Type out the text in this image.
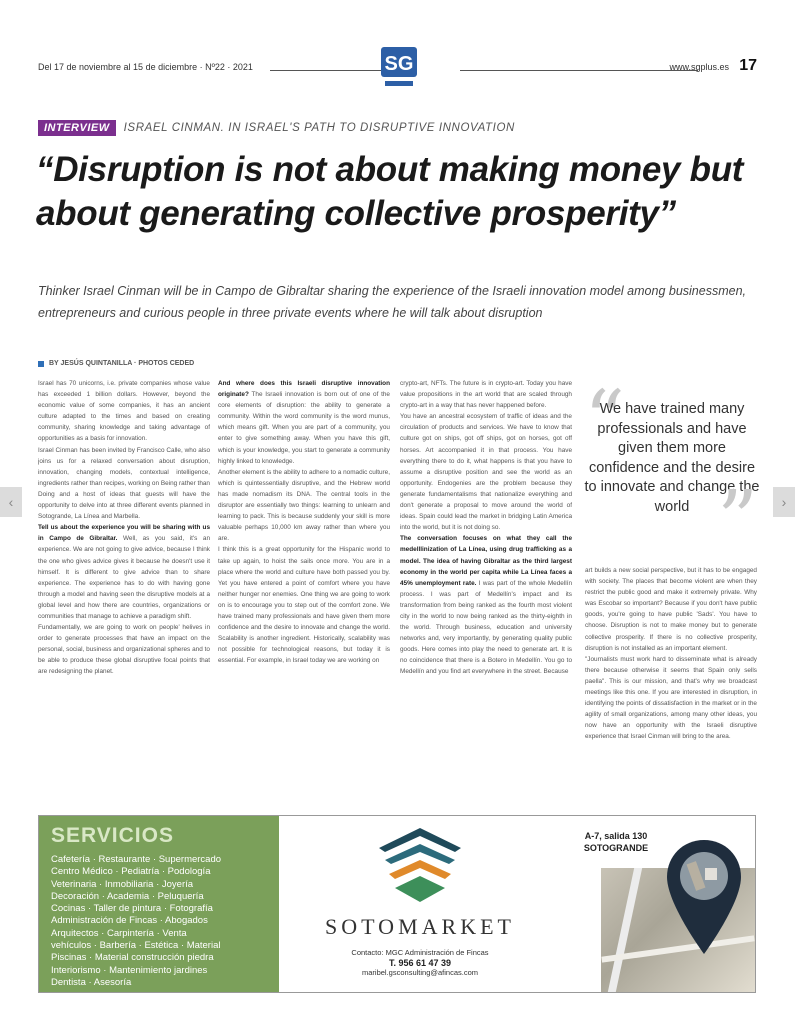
Del 17 de noviembre al 15 de diciembre · Nº22 · 2021	www.sgplus.es 17
SG
INTERVIEW	ISRAEL CINMAN. IN ISRAEL'S PATH TO DISRUPTIVE INNOVATION
“Disruption is not about making money but about generating collective prosperity”

Thinker Israel Cinman will be in Campo de Gibraltar sharing the experience of the Israeli innovation model among businessmen, entrepreneurs and curious people in three private events where he will talk about disruption

BY JESÚS QUINTANILLA · PHOTOS CEDED

Israel has 70 unicorns, i.e. private companies whose value has exceeded 1 billion dollars. However, beyond the economic value of some companies, it has an ancient culture adapted to the times and based on creating community, sharing knowledge and taking advantage of opportunities as a basis for innovation.

Israel Cinman has been invited by Francisco Calle, who also joins us for a relaxed conversation about disruption, innovation, changing models, contextual intelligence, ingredients rather than recipes, working on Being rather than Doing and a host of ideas that guests will have the opportunity to delve into at three different events planned in Sotogrande, La Línea and Marbella.

Tell us about the experience you will be sharing with us in Campo de Gibraltar. Well, as you said, it's an experience. We are not going to give advice, because I think the one who gives advice gives it because he doesn't use it himself. It is different to give advice than to share experience. The experience has to do with having gone through a model and having seen the disruptive models at a global level and how there are countries, organizations or communities that manage to achieve a paradigm shift.

Fundamentally, we are going to work on people' helives in order to generate processes that have an impact on the personal, social, business and organizational spheres and to be able to produce these global disruptive focal points that are redesigning the planet.

And where does this Israeli disruptive innovation originate? The Israeli innovation is born out of one of the core elements of disruption: the ability to generate a community. Within the word community is the word munus, which means gift. When you are part of a community, you enter to give something away. When you have this gift, which is your knowledge, you start to generate a community highly linked to knowledge.

Another element is the ability to adhere to a nomadic culture, which is quintessentially disruptive, and the Hebrew world has made nomadism its DNA. The central tools in the disruptor are essentially two things: learning to unlearn and learning to pack. This is because suddenly your skill is more valuable perhaps 10,000 km away rather than where you are.

I think this is a great opportunity for the Hispanic world to take up again, to hoist the sails once more. You are in a place where the world and culture have both passed you by. Yet you have entered a point of comfort where you have neither hunger nor enemies. One thing we are going to work on is to encourage you to step out of the comfort zone. We have trained many professionals and have given them more confidence and the desire to innovate and change the world. Scalability is another ingredient. Historically, scalability was not possible for technological reasons, but today it is essential. For example, in Israel today we are working on

crypto-art, NFTs. The future is in crypto-art. Today you have value propositions in the art world that are scaled through crypto-art in a way that has never happened before.

You have an ancestral ecosystem of traffic of ideas and the circulation of products and services. We have to know that culture got on ships, got off ships, got on horses, got off horses. Art accompanied it in that process. You have everything there to do it, what happens is that you have to assume a disruptive position and see the world as an opportunity. Endogenies are the problem because they generate fundamentalisms that nationalize everything and don't generate a proposal to move around the world of ideas. Spain could lead the market in bridging Latin America into the world, but it is not doing so.

The conversation focuses on what they call the medelllinization of La Línea, using drug trafficking as a model. The idea of having Gibraltar as the third largest economy in the world per capita while La Línea faces a 45% unemployment rate. I was part of the whole Medellín process. I was part of Medellín's impact and its transformation from being ranked as the fourth most violent city in the world to now being ranked as the thirty-eighth in the world. Through business, education and university networks and, very importantly, by generating quality public goods. Here comes into play the need to generate art. It is no coincidence that there is a Botero in Medellín. You go to Medellín and you find art everywhere in the street. Because

“

We have trained many professionals and have given them more confidence and the desire to innovate and change the world ”

art builds a new social perspective, but it has to be engaged with society. The places that become violent are when they restrict the public good and make it extremely private. Why was Escobar so important? Because if you don't have public goods, you're going to have public 'Sads'. You have to choose. Disruption is not to make money but to generate collective prosperity. If there is no collective prosperity, disruption is not installed as an important element.

"Journalists must work hard to disseminate what is already there because otherwise it seems that Spain only sells paella". This is our mission, and that's why we broadcast meetings like this one. If you are interested in disruption, in identifying the points of dissatisfaction in the market or in the agility of small organizations, among many other ideas, you now have an opportunity with the Israeli disruptive experience that Israel Cinman will bring to the area.

‹	›
SERVICIOS
Cafetería · Restaurante · Supermercado
Centro Médico · Pediatría · Podología
Veterinaria · Inmobiliaria · Joyería
Decoración · Academia · Peluquería
Cocinas · Taller de pintura · Fotografía
Administración de Fincas · Abogados
Arquitectos · Carpintería · Venta
vehículos · Barbería · Estética · Material
Piscinas · Material construcción piedra
Interiorismo · Mantenimiento jardines
Dentista · Asesoría
SOTOMARKET
Contacto: MGC Administración de Fincas
T. 956 61 47 39
maribel.gsconsulting@afincas.com
A-7, salida 130
SOTOGRANDE
